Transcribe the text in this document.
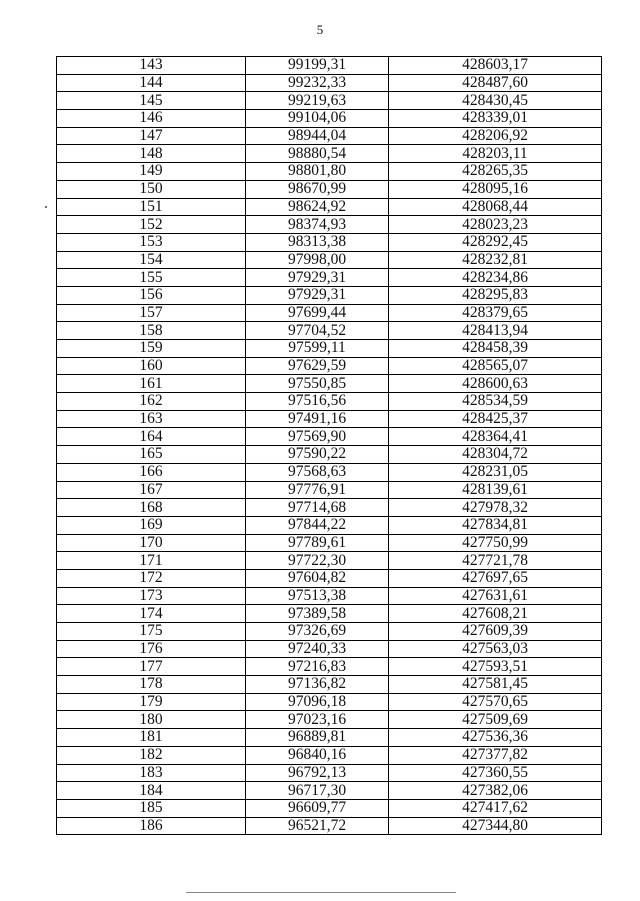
5
143	99199,31	428603,17
144	99232,33	428487,60
145	99219,63	428430,45
146	99104,06	428339,01
147	98944,04	428206,92
148	98880,54	428203,11
149	98801,80	428265,35
150	98670,99	428095,16
151	98624,92	428068,44
152	98374,93	428023,23
153	98313,38	428292,45
154	97998,00	428232,81
155	97929,31	428234,86
156	97929,31	428295,83
157	97699,44	428379,65
158	97704,52	428413,94
159	97599,11	428458,39
160	97629,59	428565,07
161	97550,85	428600,63
162	97516,56	428534,59
163	97491,16	428425,37
164	97569,90	428364,41
165	97590,22	428304,72
166	97568,63	428231,05
167	97776,91	428139,61
168	97714,68	427978,32
169	97844,22	427834,81
170	97789,61	427750,99
171	97722,30	427721,78
172	97604,82	427697,65
173	97513,38	427631,61
174	97389,58	427608,21
175	97326,69	427609,39
176	97240,33	427563,03
177	97216,83	427593,51
178	97136,82	427581,45
179	97096,18	427570,65
180	97023,16	427509,69
181	96889,81	427536,36
182	96840,16	427377,82
183	96792,13	427360,55
184	96717,30	427382,06
185	96609,77	427417,62
186	96521,72	427344,80
